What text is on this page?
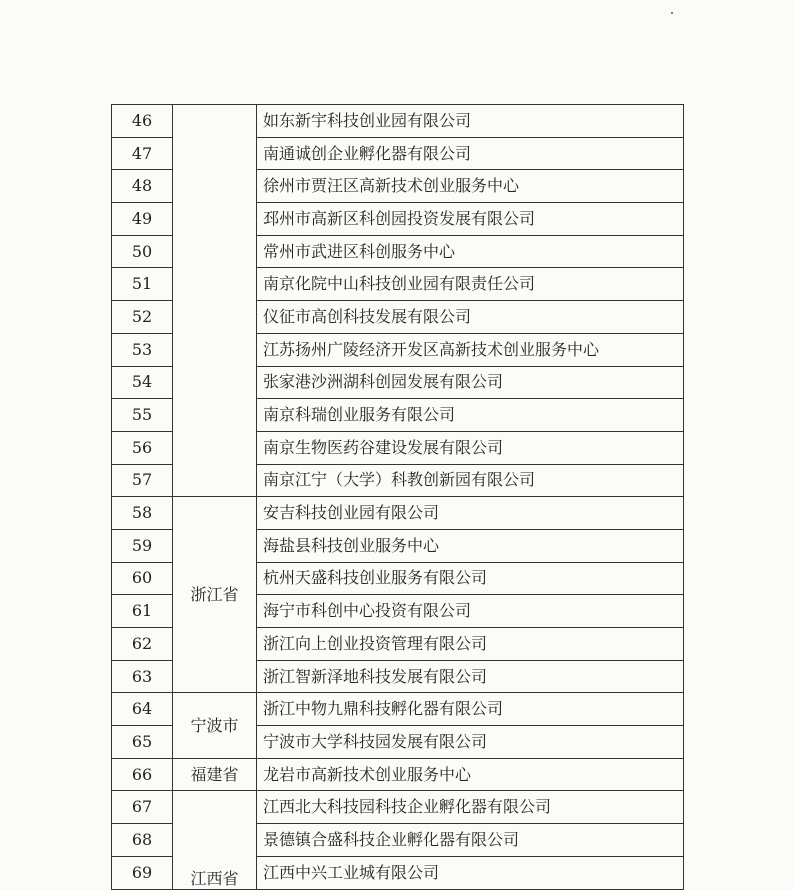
46		如东新宇科技创业园有限公司
47		南通诚创企业孵化器有限公司
48		徐州市贾汪区高新技术创业服务中心
49		邳州市高新区科创园投资发展有限公司
50		常州市武进区科创服务中心
51		南京化院中山科技创业园有限责任公司
52		仪征市高创科技发展有限公司
53		江苏扬州广陵经济开发区高新技术创业服务中心
54		张家港沙洲湖科创园发展有限公司
55		南京科瑞创业服务有限公司
56		南京生物医药谷建设发展有限公司
57		南京江宁（大学）科教创新园有限公司
58	浙江省	安吉科技创业园有限公司
59		海盐县科技创业服务中心
60		杭州天盛科技创业服务有限公司
61		海宁市科创中心投资有限公司
62		浙江向上创业投资管理有限公司
63		浙江智新泽地科技发展有限公司
64	宁波市	浙江中物九鼎科技孵化器有限公司
65		宁波市大学科技园发展有限公司
66	福建省	龙岩市高新技术创业服务中心
67	江西省	江西北大科技园科技企业孵化器有限公司
68		景德镇合盛科技企业孵化器有限公司
69		江西中兴工业城有限公司
